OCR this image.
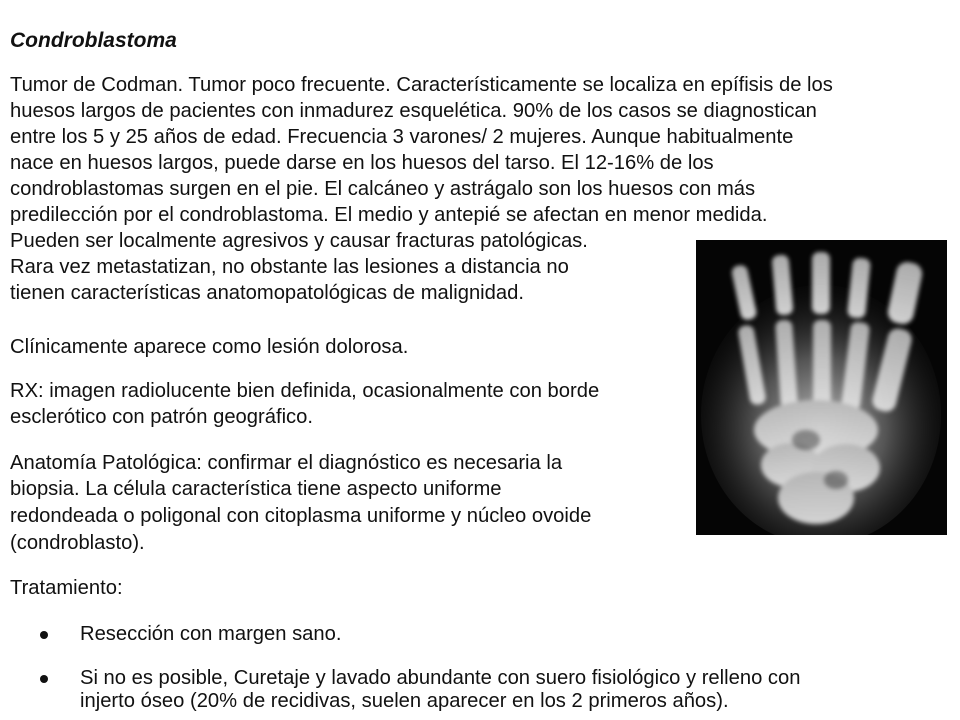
Condroblastoma
Tumor de Codman. Tumor poco frecuente. Característicamente se localiza en epífisis de los
huesos largos de pacientes con inmadurez esquelética. 90% de los casos se diagnostican
entre los 5 y 25 años de edad. Frecuencia 3 varones/ 2 mujeres. Aunque habitualmente
nace en huesos largos, puede darse en los huesos del tarso. El 12-16% de los
condroblastomas surgen en el pie. El calcáneo y astrágalo son los huesos con más
predilección por el condroblastoma. El medio y antepié se afectan en menor medida.
Pueden ser localmente agresivos y causar fracturas patológicas.
Rara vez metastatizan, no obstante las lesiones a distancia no
tienen características anatomopatológicas de malignidad.
Clínicamente aparece como lesión dolorosa.
RX: imagen radiolucente bien definida, ocasionalmente con borde
esclerótico con patrón geográfico.
Anatomía Patológica: confirmar el diagnóstico es necesaria la
biopsia. La célula característica tiene aspecto uniforme
redondeada o poligonal con citoplasma uniforme y núcleo ovoide
(condroblasto).
Tratamiento:
Resección con margen sano.
Si no es posible, Curetaje y lavado abundante con suero fisiológico y relleno con
injerto óseo (20% de recidivas, suelen aparecer en los 2 primeros años).
